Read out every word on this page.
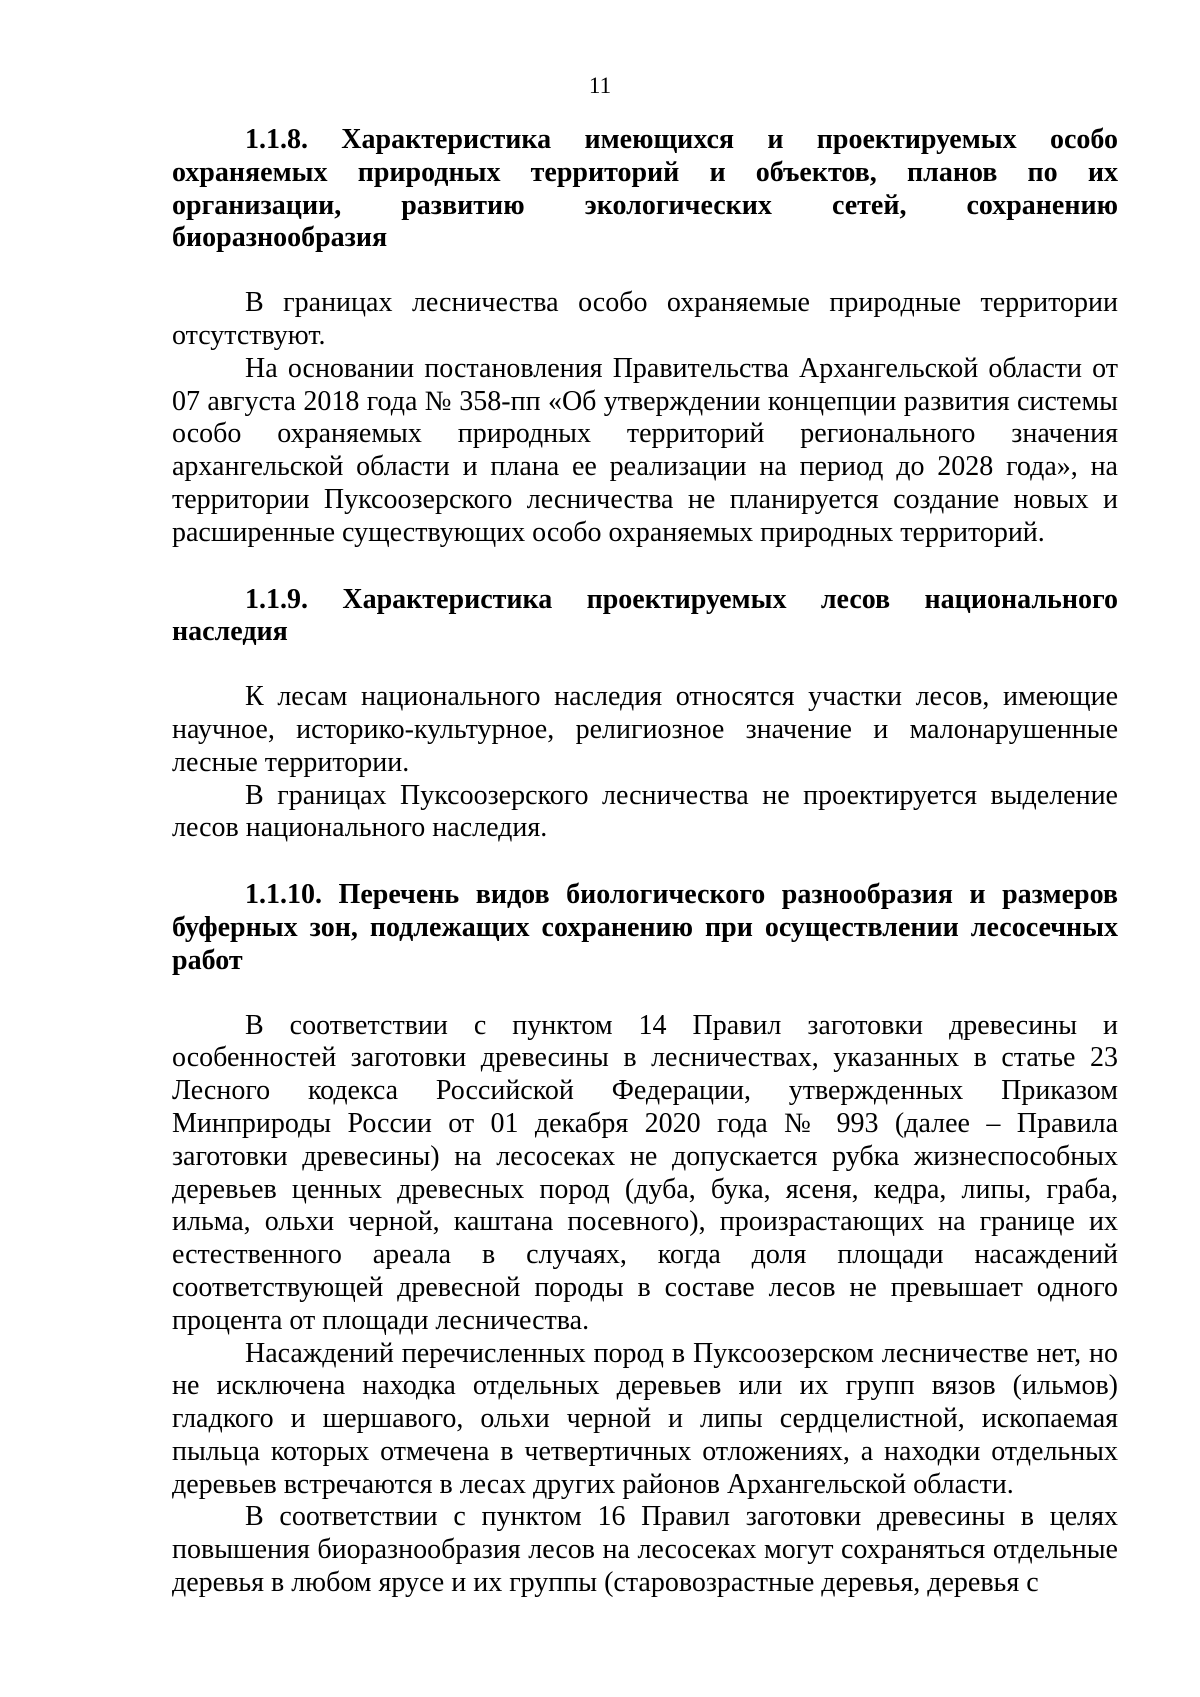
11
1.1.8. Характеристика имеющихся и проектируемых особо охраняемых природных территорий и объектов, планов по их организации, развитию экологических сетей, сохранению биоразнообразия

В границах лесничества особо охраняемые природные территории отсутствуют.

На основании постановления Правительства Архангельской области от 07 августа 2018 года № 358-пп «Об утверждении концепции развития системы особо охраняемых природных территорий регионального значения архангельской области и плана ее реализации на период до 2028 года», на территории Пуксоозерского лесничества не планируется создание новых и расширенные существующих особо охраняемых природных территорий.

1.1.9. Характеристика проектируемых лесов национального наследия

К лесам национального наследия относятся участки лесов, имеющие научное, историко-культурное, религиозное значение и малонарушенные лесные территории.

В границах Пуксоозерского лесничества не проектируется выделение лесов национального наследия.

1.1.10. Перечень видов биологического разнообразия и размеров буферных зон, подлежащих сохранению при осуществлении лесосечных работ

В соответствии с пунктом 14 Правил заготовки древесины и особенностей заготовки древесины в лесничествах, указанных в статье 23 Лесного кодекса Российской Федерации, утвержденных Приказом Минприроды России от 01 декабря 2020 года № 993 (далее – Правила заготовки древесины) на лесосеках не допускается рубка жизнеспособных деревьев ценных древесных пород (дуба, бука, ясеня, кедра, липы, граба, ильма, ольхи черной, каштана посевного), произрастающих на границе их естественного ареала в случаях, когда доля площади насаждений соответствующей древесной породы в составе лесов не превышает одного процента от площади лесничества.

Насаждений перечисленных пород в Пуксоозерском лесничестве нет, но не исключена находка отдельных деревьев или их групп вязов (ильмов) гладкого и шершавого, ольхи черной и липы сердцелистной, ископаемая пыльца которых отмечена в четвертичных отложениях, а находки отдельных деревьев встречаются в лесах других районов Архангельской области.

В соответствии с пунктом 16 Правил заготовки древесины в целях повышения биоразнообразия лесов на лесосеках могут сохраняться отдельные деревья в любом ярусе и их группы (старовозрастные деревья, деревья с
